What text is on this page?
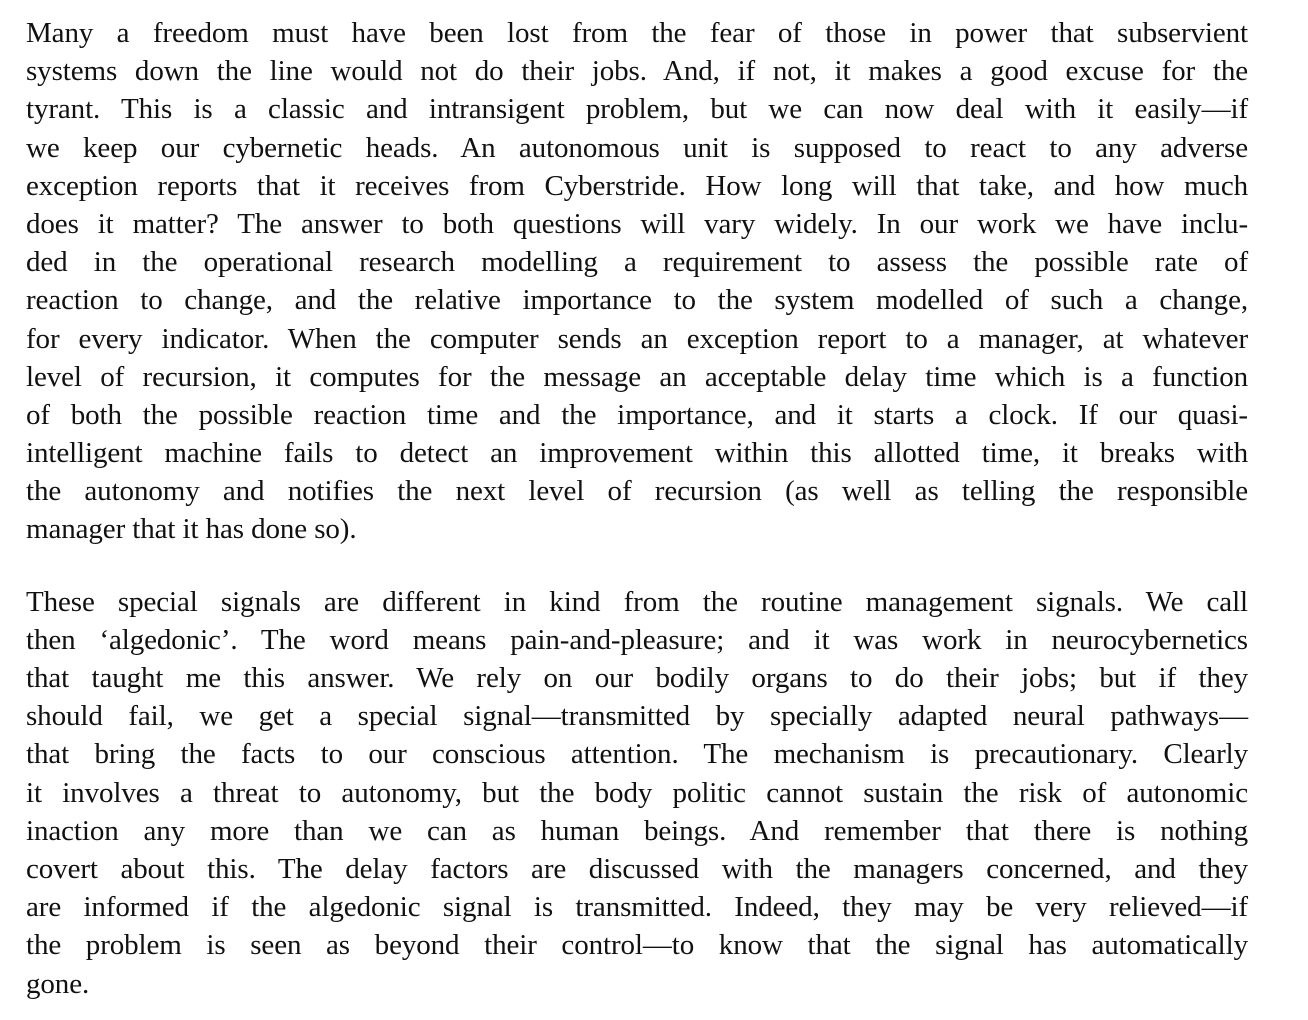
Many a freedom must have been lost from the fear of those in power that subservient
systems down the line would not do their jobs. And, if not, it makes a good excuse for the
tyrant. This is a classic and intransigent problem, but we can now deal with it easily—if
we keep our cybernetic heads. An autonomous unit is supposed to react to any adverse
exception reports that it receives from Cyberstride. How long will that take, and how much
does it matter? The answer to both questions will vary widely. In our work we have inclu-
ded in the operational research modelling a requirement to assess the possible rate of
reaction to change, and the relative importance to the system modelled of such a change,
for every indicator. When the computer sends an exception report to a manager, at whatever
level of recursion, it computes for the message an acceptable delay time which is a function
of both the possible reaction time and the importance, and it starts a clock. If our quasi-
intelligent machine fails to detect an improvement within this allotted time, it breaks with
the autonomy and notifies the next level of recursion (as well as telling the responsible
manager that it has done so).
These special signals are different in kind from the routine management signals. We call
then ‘algedonic’. The word means pain-and-pleasure; and it was work in neurocybernetics
that taught me this answer. We rely on our bodily organs to do their jobs; but if they
should fail, we get a special signal—transmitted by specially adapted neural pathways—
that bring the facts to our conscious attention. The mechanism is precautionary. Clearly
it involves a threat to autonomy, but the body politic cannot sustain the risk of autonomic
inaction any more than we can as human beings. And remember that there is nothing
covert about this. The delay factors are discussed with the managers concerned, and they
are informed if the algedonic signal is transmitted. Indeed, they may be very relieved—if
the problem is seen as beyond their control—to know that the signal has automatically
gone.
